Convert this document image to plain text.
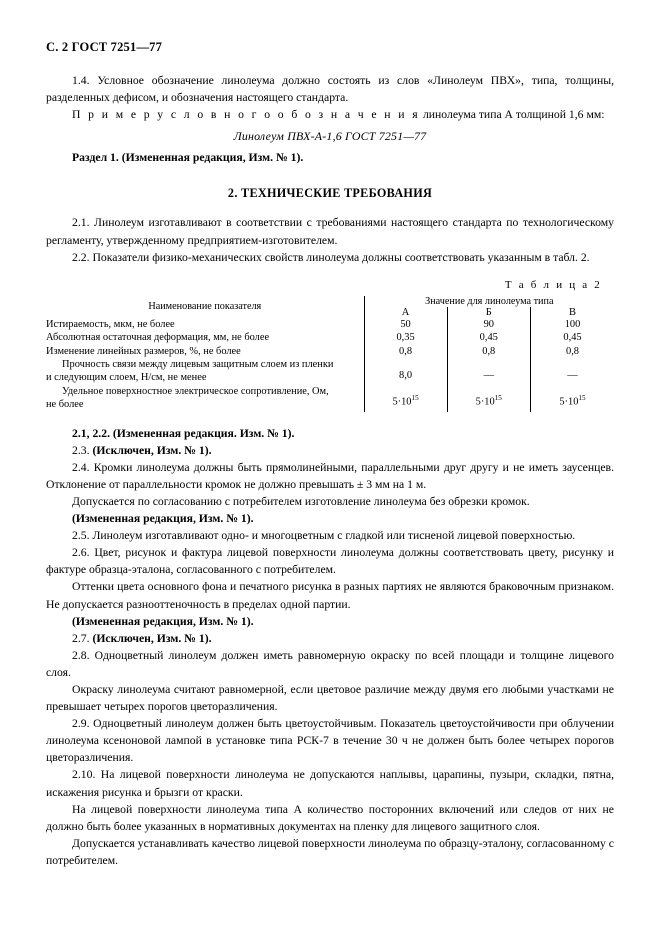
С. 2 ГОСТ 7251—77

1.4. Условное обозначение линолеума должно состоять из слов «Линолеум ПВХ», типа, толщины, разделенных дефисом, и обозначения настоящего стандарта.

П р и м е р у с л о в н о г о о б о з н а ч е н и я линолеума типа А толщиной 1,6 мм:

Линолеум ПВХ-А-1,6 ГОСТ 7251—77

Раздел 1. (Измененная редакция, Изм. № 1).

2. ТЕХНИЧЕСКИЕ ТРЕБОВАНИЯ

2.1. Линолеум изготавливают в соответствии с требованиями настоящего стандарта по технологическому регламенту, утвержденному предприятием-изготовителем.

2.2. Показатели физико-механических свойств линолеума должны соответствовать указанным в табл. 2.

Т а б л и ц а 2
Наименование показателя	Значение для линолеума типа		
	А	Б	В
Истираемость, мкм, не более	50	90	100
Абсолютная остаточная деформация, мм, не более	0,35	0,45	0,45
Изменение линейных размеров, %, не более	0,8	0,8	0,8

Прочность связи между лицевым защитным слоем из пленки
и следующим слоем, Н/см, не менее	8,0	—	—

Удельное поверхностное электрическое сопротивление, Ом,
не более	$5\cdot 10^{15}$	$5\cdot 10^{15}$	$5\cdot 10^{15}$

2.1, 2.2. (Измененная редакция. Изм. № 1).

2.3. (Исключен, Изм. № 1).

2.4. Кромки линолеума должны быть прямолинейными, параллельными друг другу и не иметь заусенцев. Отклонение от параллельности кромок не должно превышать ± 3 мм на 1 м.

Допускается по согласованию с потребителем изготовление линолеума без обрезки кромок.

(Измененная редакция, Изм. № 1).

2.5. Линолеум изготавливают одно- и многоцветным с гладкой или тисненой лицевой поверхностью.

2.6. Цвет, рисунок и фактура лицевой поверхности линолеума должны соответствовать цвету, рисунку и фактуре образца-эталона, согласованного с потребителем.

Оттенки цвета основного фона и печатного рисунка в разных партиях не являются браковочным признаком. Не допускается разнооттеночность в пределах одной партии.

(Измененная редакция, Изм. № 1).

2.7. (Исключен, Изм. № 1).

2.8. Одноцветный линолеум должен иметь равномерную окраску по всей площади и толщине лицевого слоя.

Окраску линолеума считают равномерной, если цветовое различие между двумя его любыми участками не превышает четырех порогов цветоразличения.

2.9. Одноцветный линолеум должен быть цветоустойчивым. Показатель цветоустойчивости при облучении линолеума ксеноновой лампой в установке типа РСК-7 в течение 30 ч не должен быть более четырех порогов цветоразличения.

2.10. На лицевой поверхности линолеума не допускаются наплывы, царапины, пузыри, складки, пятна, искажения рисунка и брызги от краски.

На лицевой поверхности линолеума типа А количество посторонних включений или следов от них не должно быть более указанных в нормативных документах на пленку для лицевого защитного слоя.

Допускается устанавливать качество лицевой поверхности линолеума по образцу-эталону, согласованному с потребителем.
